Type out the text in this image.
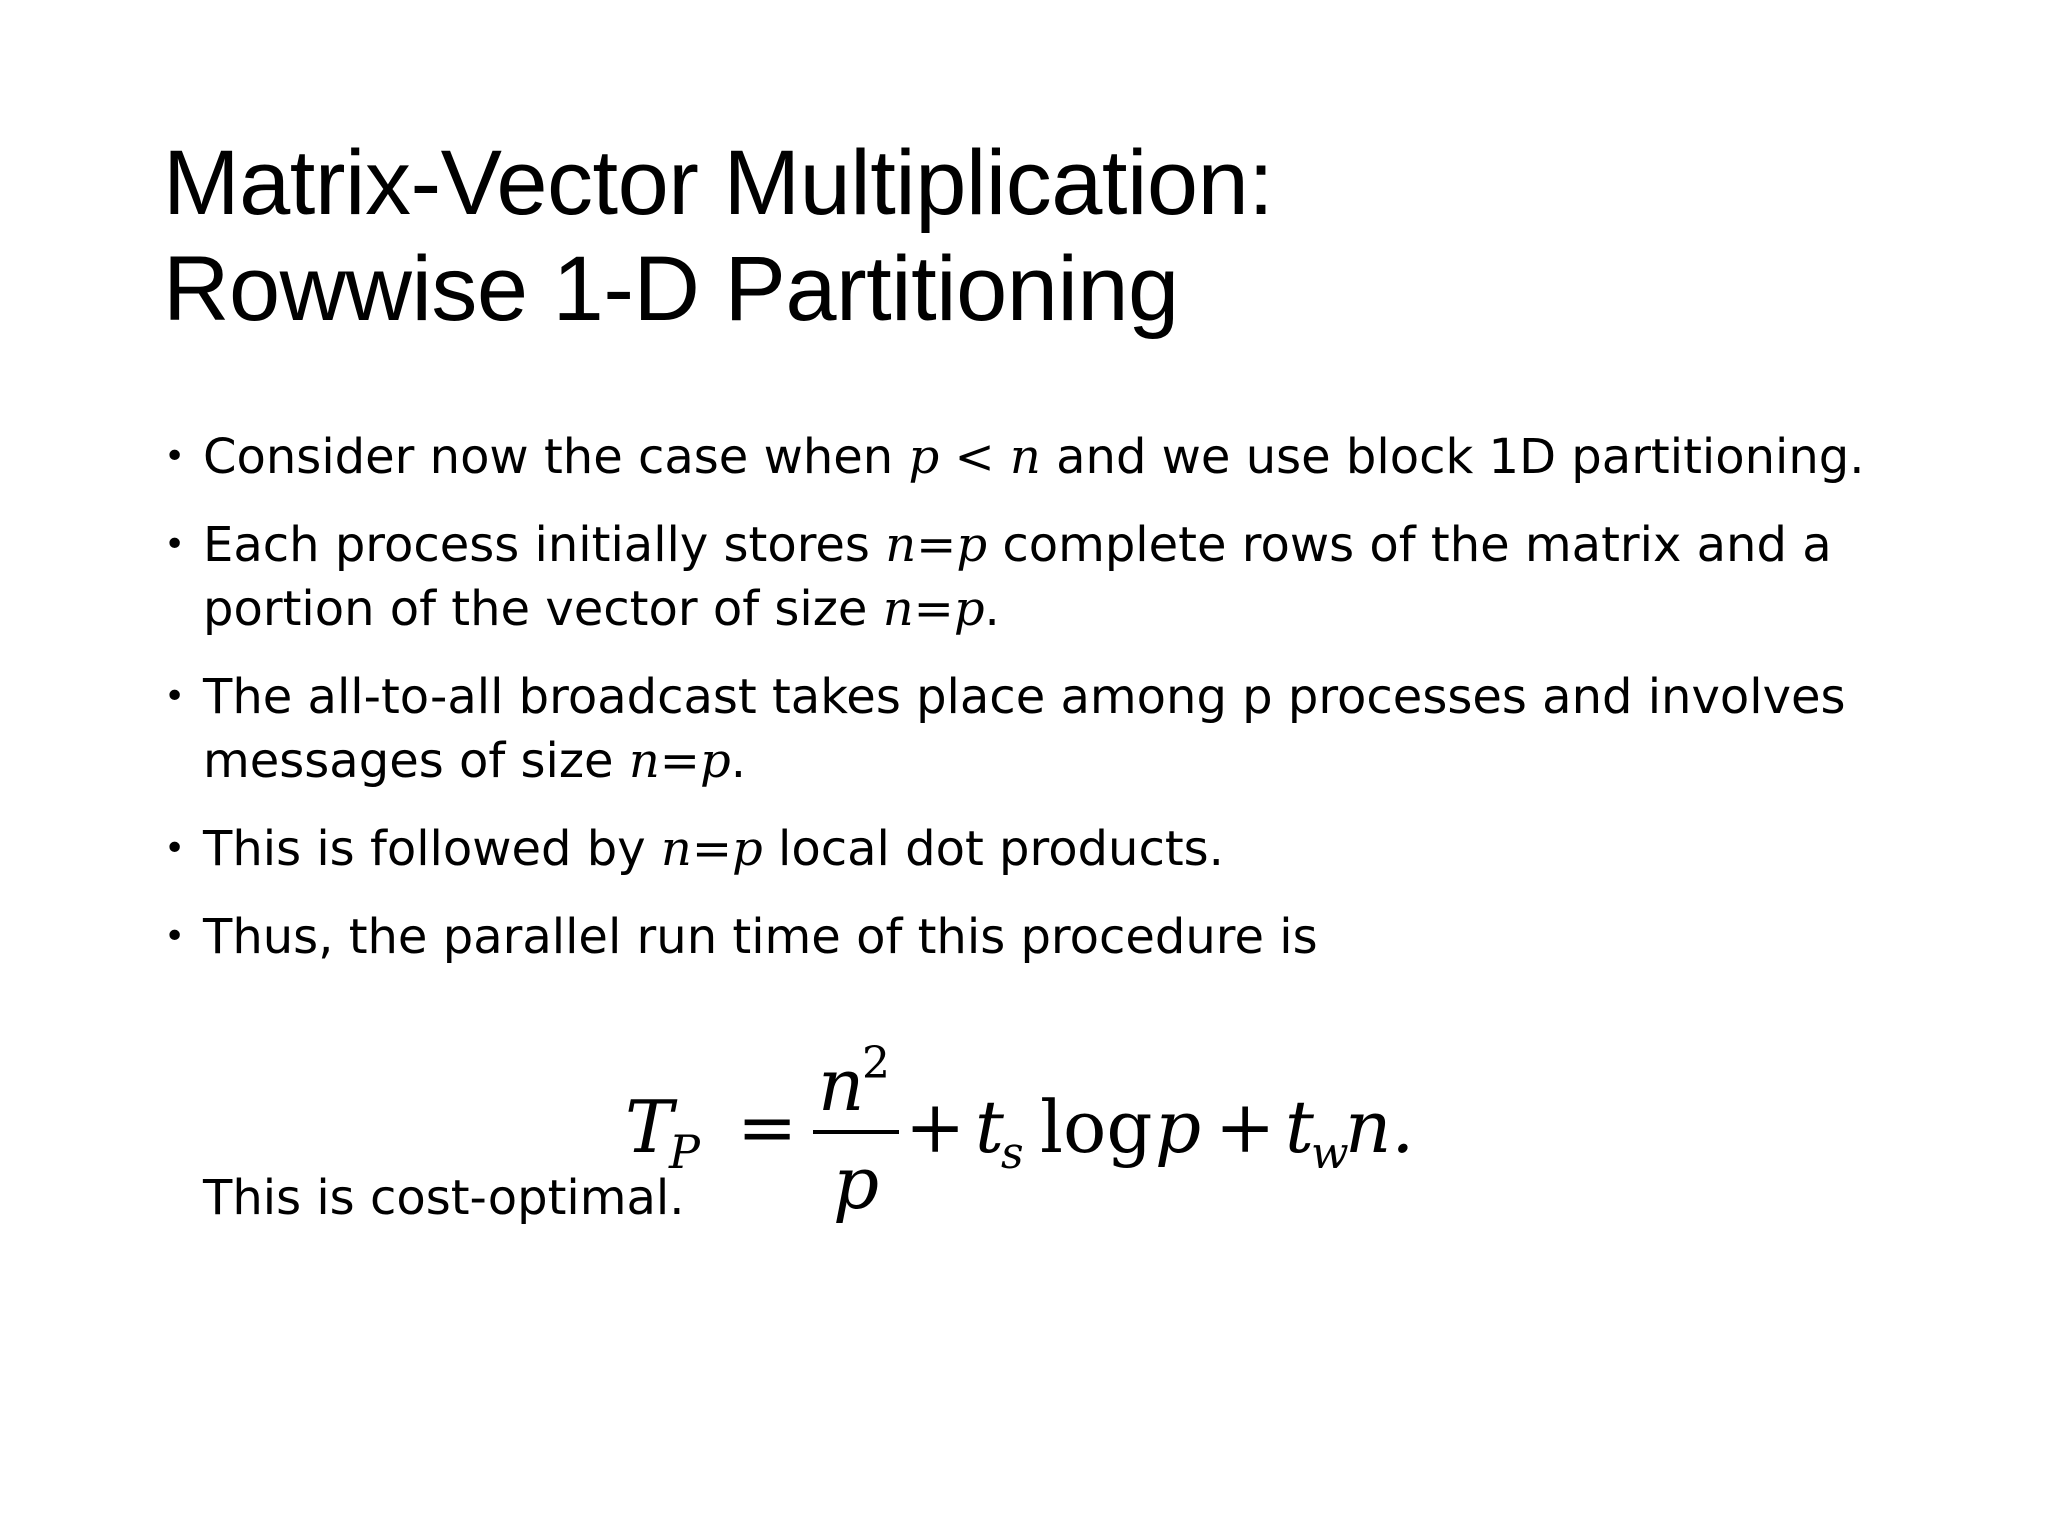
Matrix-Vector Multiplication:
Rowwise 1-D Partitioning
• Consider now the case when p < n and we use block 1D partitioning.
• Each process initially stores n=p complete rows of the matrix and a
portion of the vector of size n=p.
• The all-to-all broadcast takes place among p processes and involves
messages of size n=p.
• This is followed by n=p local dot products.
• Thus, the parallel run time of this procedure is
T
P = n
2
p
+ t
s log p + t
w
n.

This is cost-optimal.
